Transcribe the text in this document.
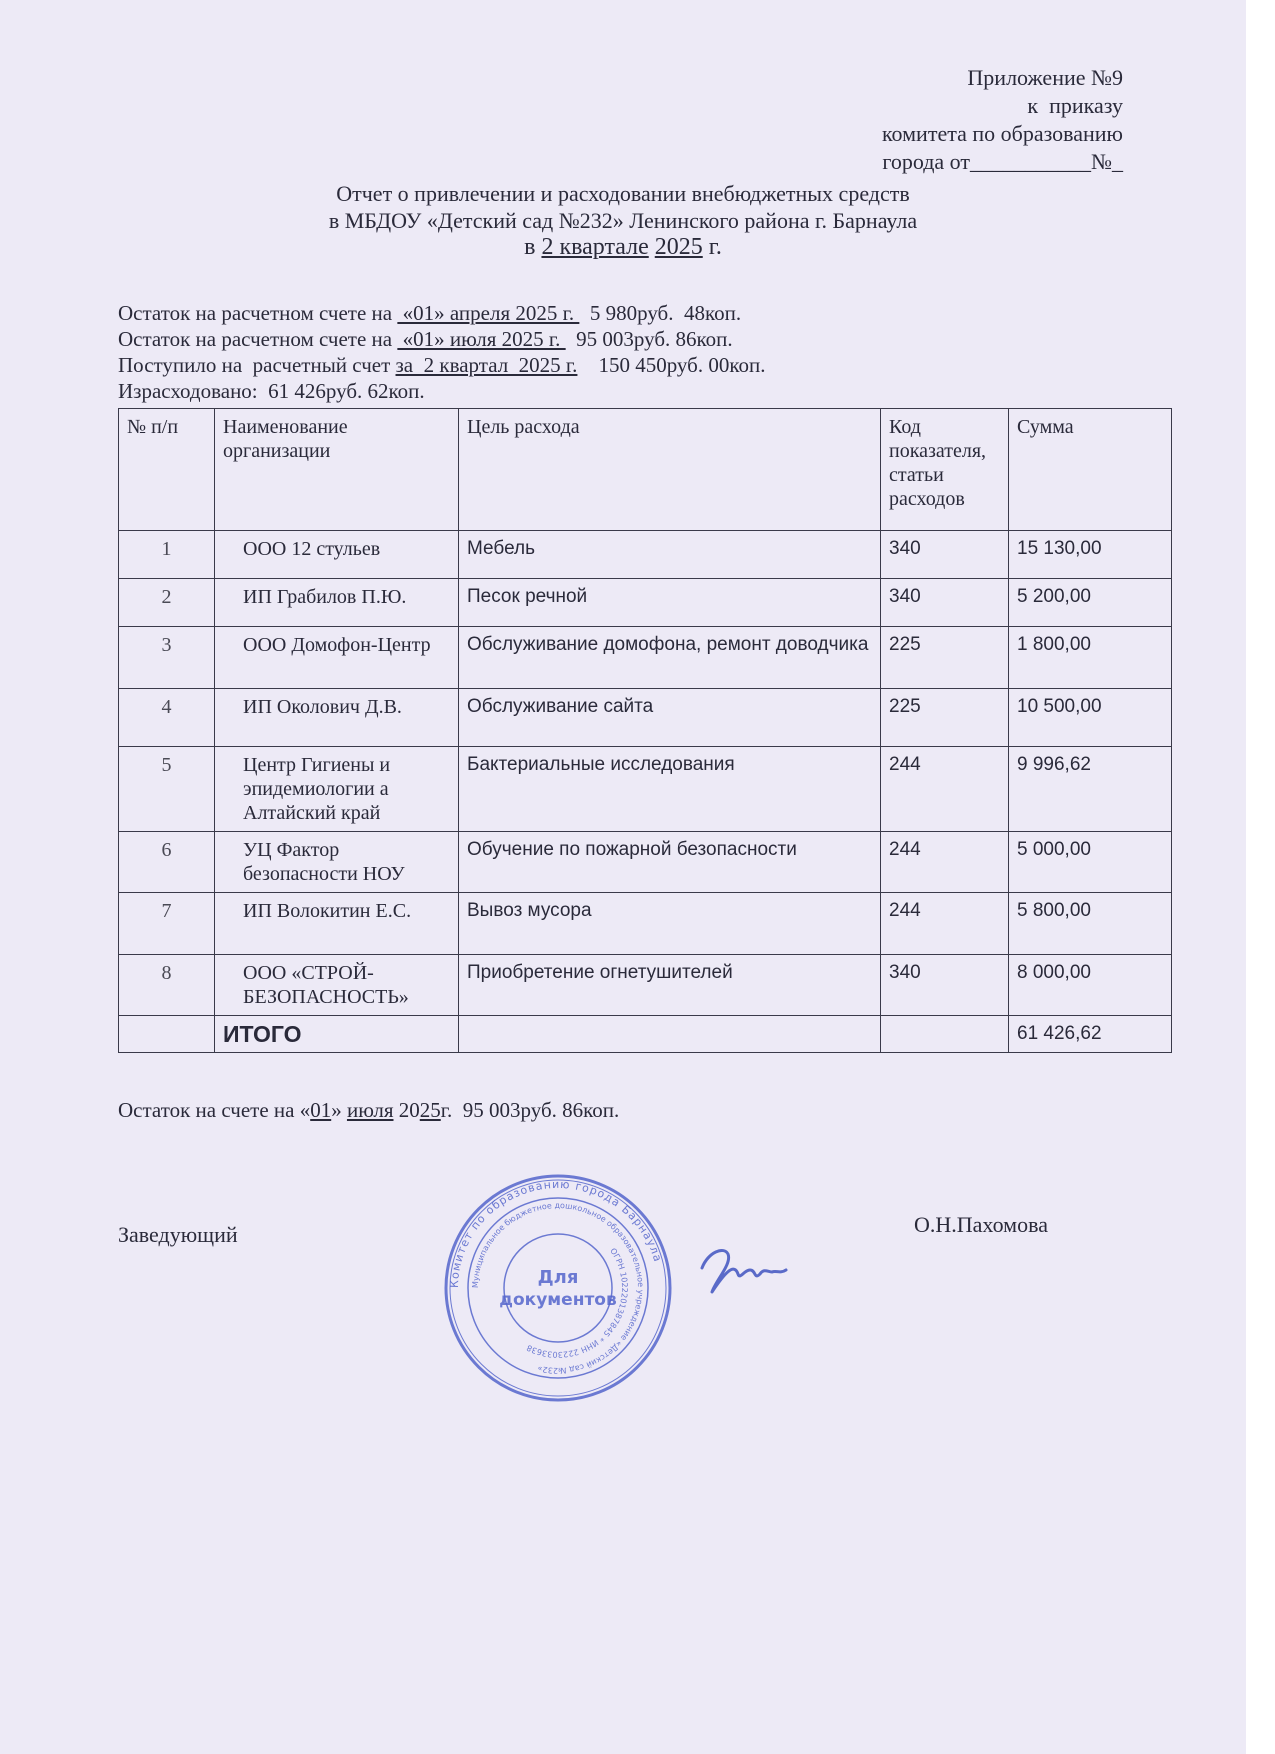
Приложение №9
к  приказу
комитета по образованию
города от___________№_
Отчет о привлечении и расходовании внебюджетных средств
в МБДОУ «Детский сад №232» Ленинского района г. Барнаула
в 2 квартале 2025 г.
Остаток на расчетном счете на  «01» апреля 2025 г.   5 980руб.  48коп.
Остаток на расчетном счете на  «01» июля 2025 г.   95 003руб. 86коп.
Поступило на  расчетный счет за  2 квартал  2025 г.    150 450руб. 00коп.
Израсходовано:  61 426руб. 62коп.
№ п/п	Наименование организации	Цель расхода	Код показателя, статьи расходов	Сумма
1	ООО 12 стульев	Мебель	340	15 130,00
2	ИП Грабилов П.Ю.	Песок речной	340	5 200,00
3	ООО Домофон-Центр	Обслуживание домофона, ремонт доводчика	225	1 800,00
4	ИП Околович Д.В.	Обслуживание сайта	225	10 500,00
5	Центр Гигиены и эпидемиологии а Алтайский край	Бактериальные исследования	244	9 996,62
6	УЦ Фактор безопасности НОУ	Обучение по пожарной безопасности	244	5 000,00
7	ИП Волокитин Е.С.	Вывоз мусора	244	5 800,00
8	ООО «СТРОЙ-БЕЗОПАСНОСТЬ»	Приобретение огнетушителей	340	8 000,00
	ИТОГО			61 426,62
Остаток на счете на «01» июля 2025г.  95 003руб. 86коп.
Заведующий	О.Н.Пахомова
Комитет по образованию города Барнаула
Муниципальное бюджетное дошкольное образовательное учреждение «Детский сад №232»
ОГРН 1022201387845 * ИНН 2223033638
Для
документов
